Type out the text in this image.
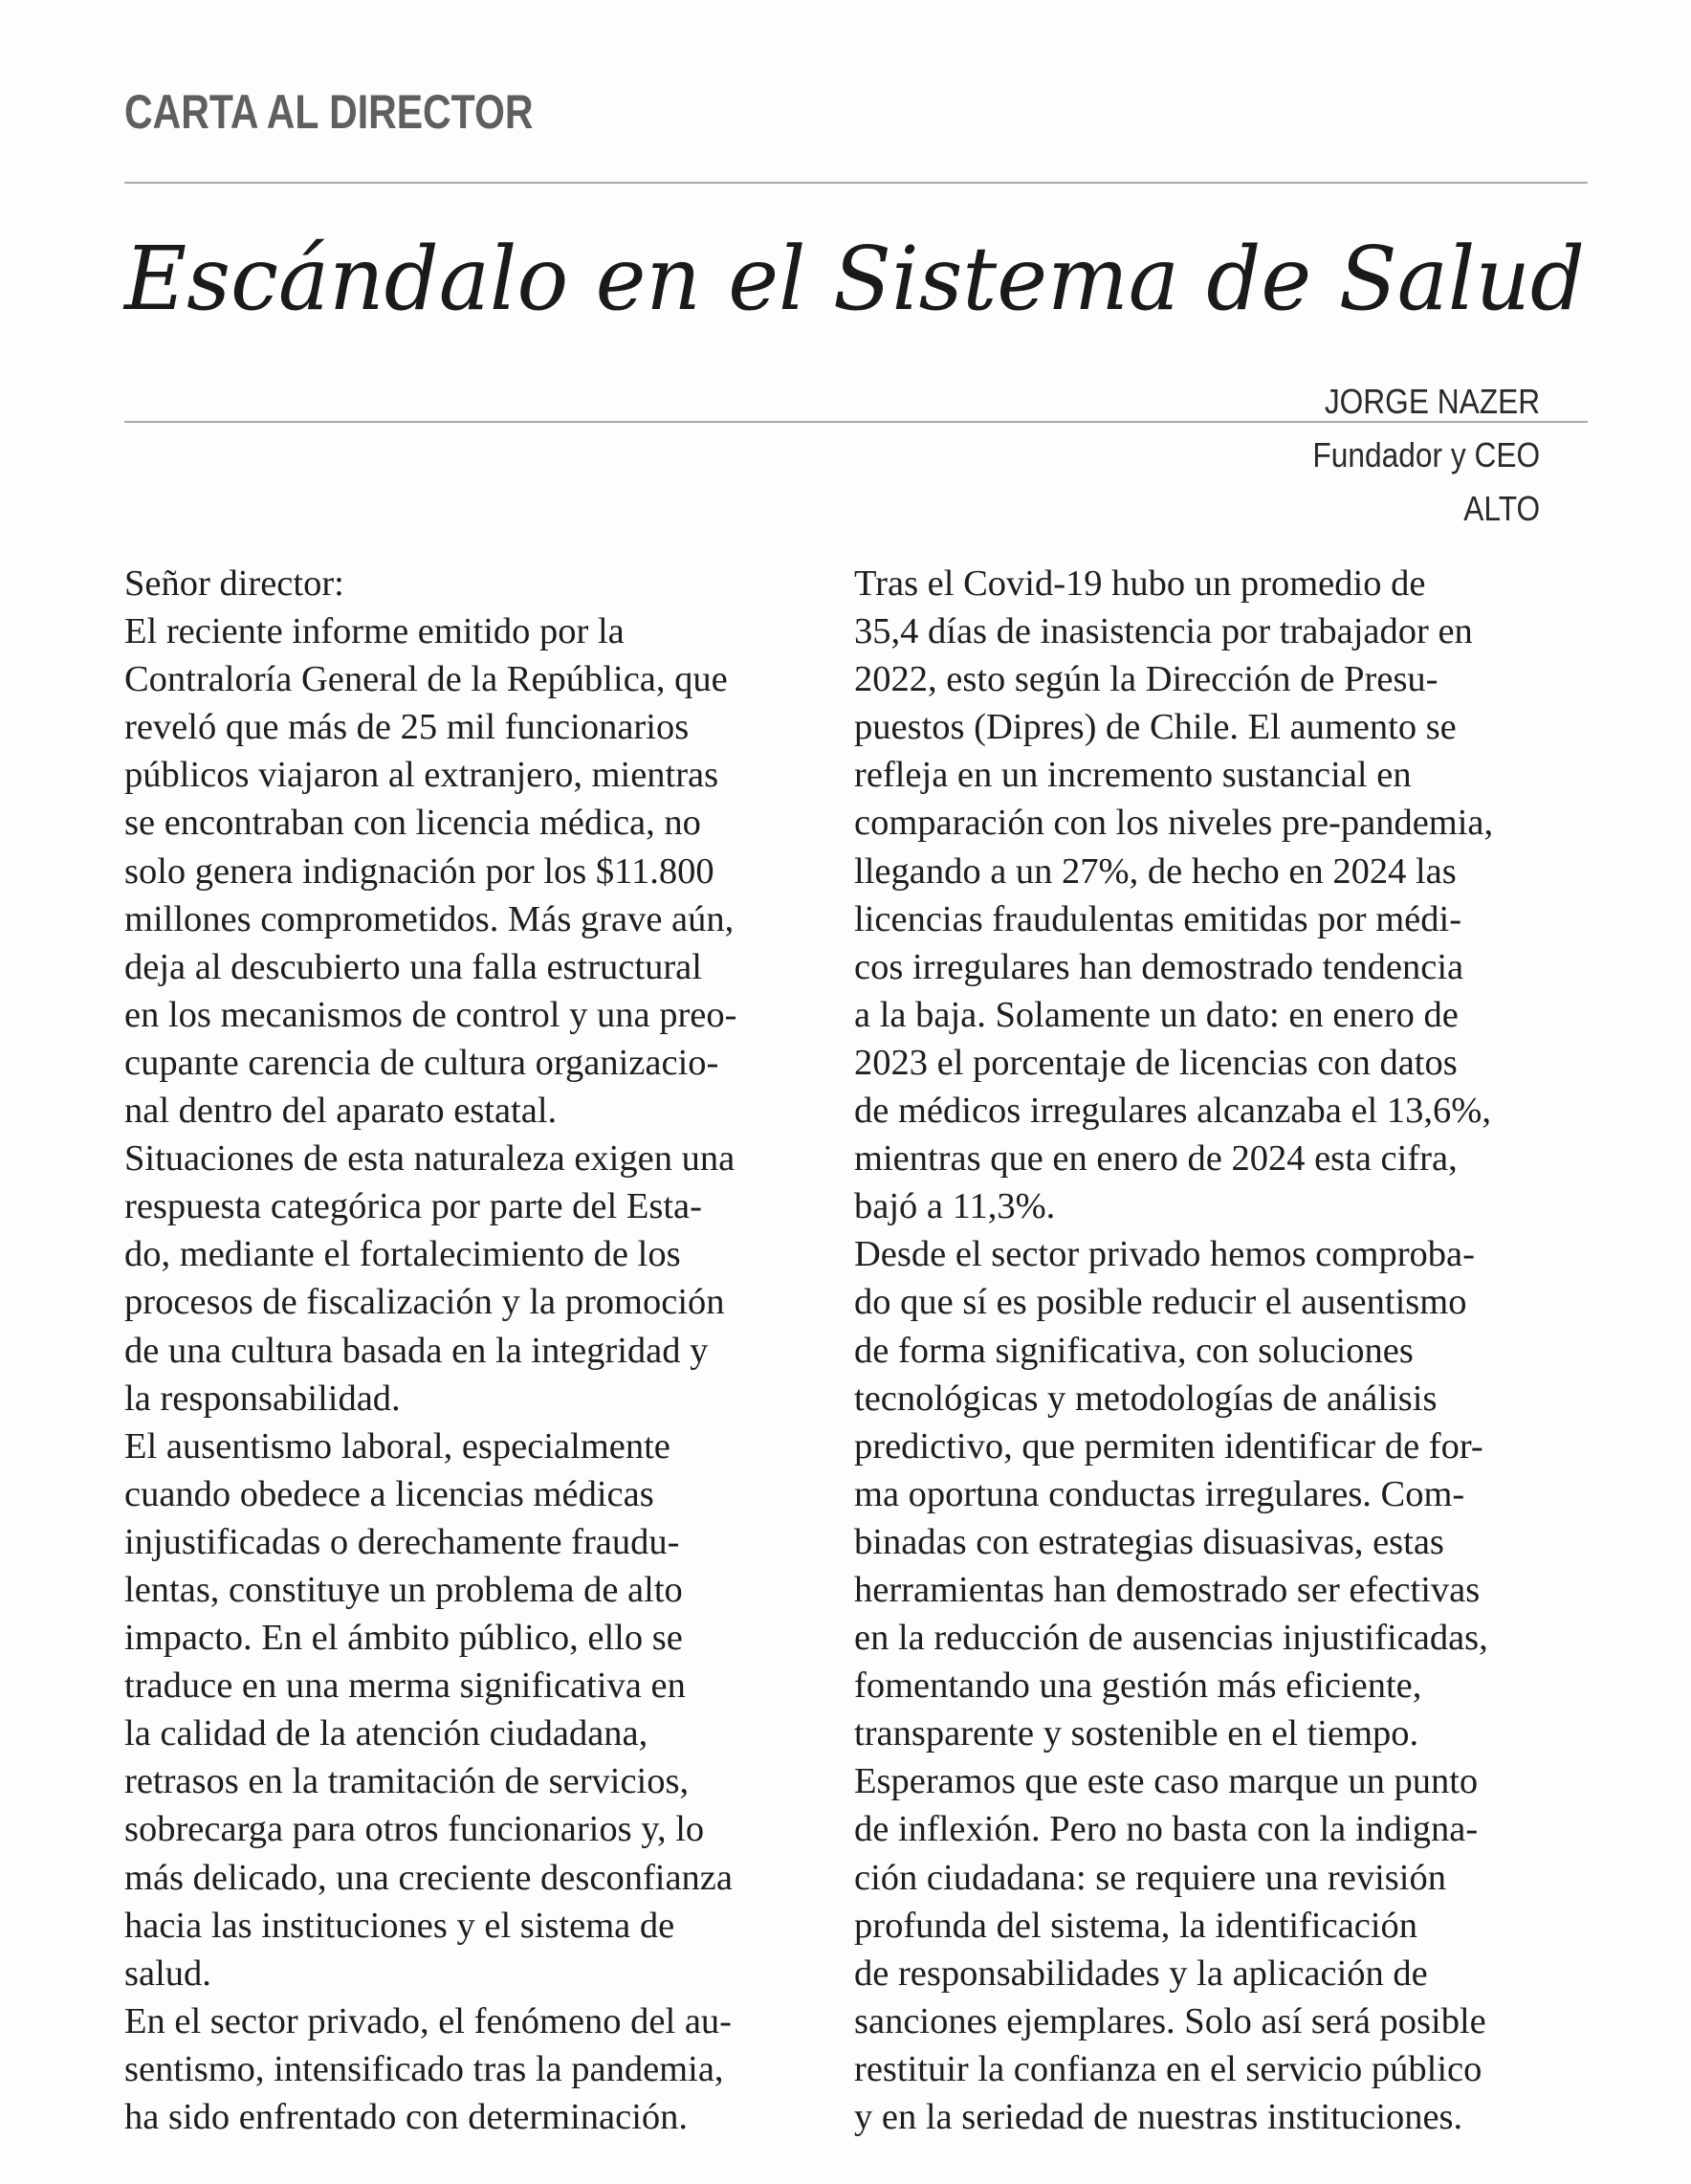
CARTA AL DIRECTOR
Escándalo en el Sistema de Salud
JORGE NAZER
Fundador y CEO
ALTO
Señor director:
El reciente informe emitido por la
Contraloría General de la República, que
reveló que más de 25 mil funcionarios
públicos viajaron al extranjero, mientras
se encontraban con licencia médica, no
solo genera indignación por los $11.800
millones comprometidos. Más grave aún,
deja al descubierto una falla estructural
en los mecanismos de control y una preo-
cupante carencia de cultura organizacio-
nal dentro del aparato estatal.
Situaciones de esta naturaleza exigen una
respuesta categórica por parte del Esta-
do, mediante el fortalecimiento de los
procesos de fiscalización y la promoción
de una cultura basada en la integridad y
la responsabilidad.
El ausentismo laboral, especialmente
cuando obedece a licencias médicas
injustificadas o derechamente fraudu-
lentas, constituye un problema de alto
impacto. En el ámbito público, ello se
traduce en una merma significativa en
la calidad de la atención ciudadana,
retrasos en la tramitación de servicios,
sobrecarga para otros funcionarios y, lo
más delicado, una creciente desconfianza
hacia las instituciones y el sistema de
salud.
En el sector privado, el fenómeno del au-
sentismo, intensificado tras la pandemia,
ha sido enfrentado con determinación.
Tras el Covid-19 hubo un promedio de
35,4 días de inasistencia por trabajador en
2022, esto según la Dirección de Presu-
puestos (Dipres) de Chile. El aumento se
refleja en un incremento sustancial en
comparación con los niveles pre-pandemia,
llegando a un 27%, de hecho en 2024 las
licencias fraudulentas emitidas por médi-
cos irregulares han demostrado tendencia
a la baja. Solamente un dato: en enero de
2023 el porcentaje de licencias con datos
de médicos irregulares alcanzaba el 13,6%,
mientras que en enero de 2024 esta cifra,
bajó a 11,3%.
Desde el sector privado hemos comproba-
do que sí es posible reducir el ausentismo
de forma significativa, con soluciones
tecnológicas y metodologías de análisis
predictivo, que permiten identificar de for-
ma oportuna conductas irregulares. Com-
binadas con estrategias disuasivas, estas
herramientas han demostrado ser efectivas
en la reducción de ausencias injustificadas,
fomentando una gestión más eficiente,
transparente y sostenible en el tiempo.
Esperamos que este caso marque un punto
de inflexión. Pero no basta con la indigna-
ción ciudadana: se requiere una revisión
profunda del sistema, la identificación
de responsabilidades y la aplicación de
sanciones ejemplares. Solo así será posible
restituir la confianza en el servicio público
y en la seriedad de nuestras instituciones.
